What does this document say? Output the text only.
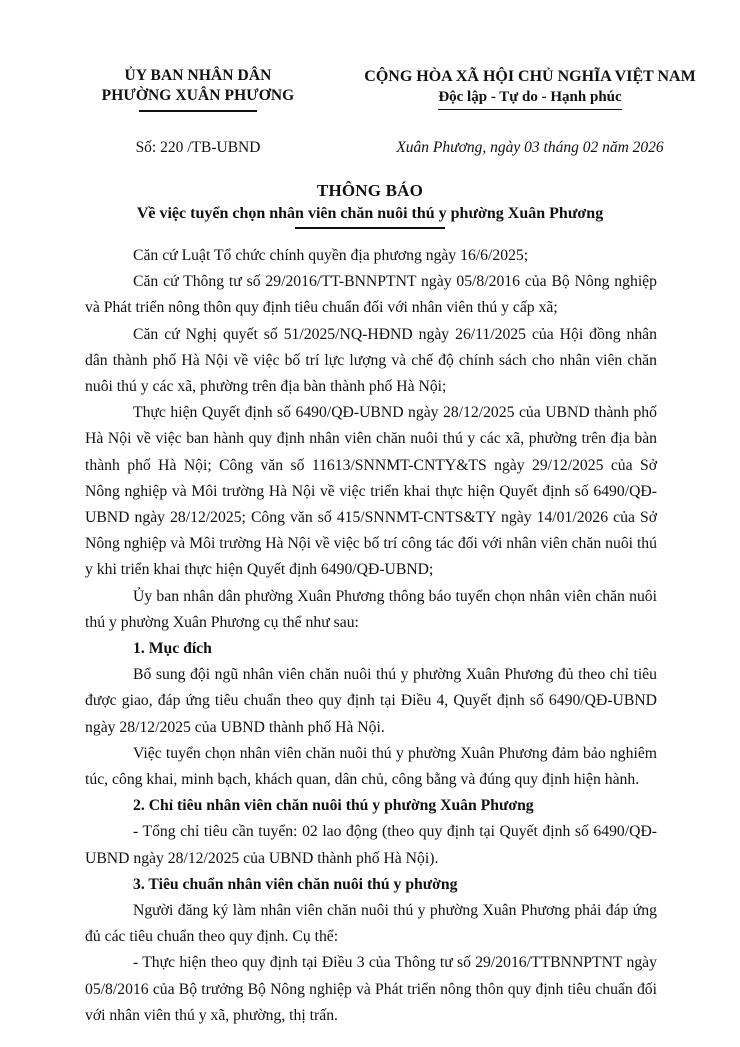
ỦY BAN NHÂN DÂN
PHƯỜNG XUÂN PHƯƠNG
CỘNG HÒA XÃ HỘI CHỦ NGHĨA VIỆT NAM
Độc lập - Tự do - Hạnh phúc
Số: 220 /TB-UBND	Xuân Phương, ngày 03 tháng 02 năm 2026
THÔNG BÁO
Về việc tuyển chọn nhân viên chăn nuôi thú y phường Xuân Phương

Căn cứ Luật Tổ chức chính quyền địa phương ngày 16/6/2025;

Căn cứ Thông tư số 29/2016/TT-BNNPTNT ngày 05/8/2016 của Bộ Nông nghiệp và Phát triển nông thôn quy định tiêu chuẩn đối với nhân viên thú y cấp xã;

Căn cứ Nghị quyết số 51/2025/NQ-HĐND ngày 26/11/2025 của Hội đồng nhân dân thành phố Hà Nội về việc bố trí lực lượng và chế độ chính sách cho nhân viên chăn nuôi thú y các xã, phường trên địa bàn thành phố Hà Nội;

Thực hiện Quyết định số 6490/QĐ-UBND ngày 28/12/2025 của UBND thành phố Hà Nội về việc ban hành quy định nhân viên chăn nuôi thú y các xã, phường trên địa bàn thành phố Hà Nội; Công văn số 11613/SNNMT-CNTY&TS ngày 29/12/2025 của Sở Nông nghiệp và Môi trường Hà Nội về việc triển khai thực hiện Quyết định số 6490/QĐ-UBND ngày 28/12/2025; Công văn số 415/SNNMT-CNTS&TY ngày 14/01/2026 của Sở Nông nghiệp và Môi trường Hà Nội về việc bố trí công tác đối với nhân viên chăn nuôi thú y khi triển khai thực hiện Quyết định 6490/QĐ-UBND;

Ủy ban nhân dân phường Xuân Phương thông báo tuyển chọn nhân viên chăn nuôi thú y phường Xuân Phương cụ thể như sau:

1. Mục đích

Bổ sung đội ngũ nhân viên chăn nuôi thú y phường Xuân Phương đủ theo chỉ tiêu được giao, đáp ứng tiêu chuẩn theo quy định tại Điều 4, Quyết định số 6490/QĐ-UBND ngày 28/12/2025 của UBND thành phố Hà Nội.

Việc tuyển chọn nhân viên chăn nuôi thú y phường Xuân Phương đảm bảo nghiêm túc, công khai, minh bạch, khách quan, dân chủ, công bằng và đúng quy định hiện hành.

2. Chỉ tiêu nhân viên chăn nuôi thú y phường Xuân Phương

- Tổng chỉ tiêu cần tuyển: 02 lao động (theo quy định tại Quyết định số 6490/QĐ-UBND ngày 28/12/2025 của UBND thành phố Hà Nội).

3. Tiêu chuẩn nhân viên chăn nuôi thú y phường

Người đăng ký làm nhân viên chăn nuôi thú y phường Xuân Phương phải đáp ứng đủ các tiêu chuẩn theo quy định. Cụ thể:

- Thực hiện theo quy định tại Điều 3 của Thông tư số 29/2016/TTBNNPTNT ngày 05/8/2016 của Bộ trưởng Bộ Nông nghiệp và Phát triển nông thôn quy định tiêu chuẩn đối với nhân viên thú y xã, phường, thị trấn.
